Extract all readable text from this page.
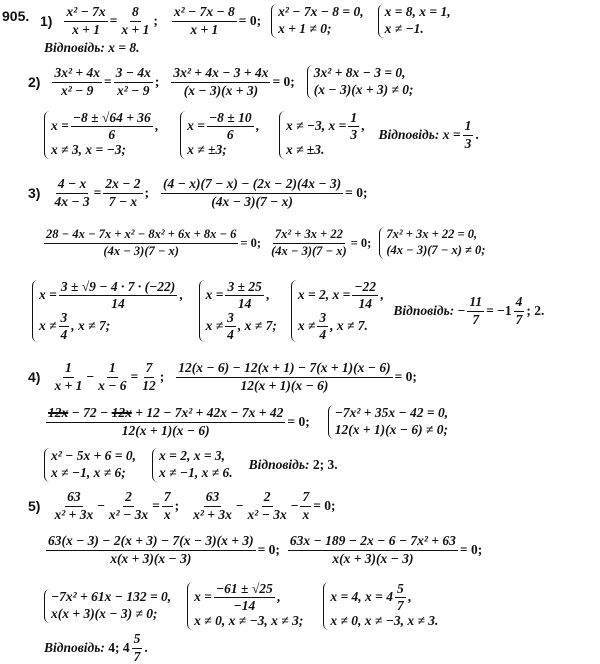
905. $1) \frac{\text{x² − 7x}}{x + 1} = \frac{8}{x + 1}$ ; $\frac{\text{x² − 7x − 8}}{x + 1} = 0$;
x² − 7x − 8 = 0,
x + 1 ≠ 0;
x = 8, x = 1,
x ≠ −1.
Відповідь:
x = 8.
$2) \frac{\text{3x² + 4x}}{\text{x² − 9}} = \frac{3 - 4x}{\text{x² − 9}}$ ; $\frac{\text{3x² + 4x − 3 + 4x}}{(x - 3)(x + 3)} = 0$;
3x² + 8x − 3 = 0,
(x − 3)(x + 3) ≠ 0;
$x = \frac{-8 \pm √64 + 36}{6}$ ,
x ≠ 3, x = −3;
$x = \frac{-8 \pm 10}{6}$ ,
x ≠ ±3;
x ≠ −3, $x = \frac{1}{3}$ ,
x ≠ ±3.
Відповідь:
$x = \frac{1}{3}$ .
$3) \frac{4 - x}{4x - 3} = \frac{2x - 2}{7 - x}$ ; $\frac{(4 - x)(7 - x) - (2x - 2)(4x - 3)}{(4x - 3)(7 - x)} = 0$;
$\frac{\text{28 − 4x − 7x + x² − 8x² + 6x + 8x − 6}}{(4x - 3)(7 - x)} = 0$; $\frac{\text{7x² + 3x + 22}}{(4x - 3)(7 - x)} = 0$;
7x² + 3x + 22 = 0,
(4x − 3)(7 − x) ≠ 0;
$x = \frac{3 \pm √9 - 4 \cdot 7 \cdot (-22)}{14}$ ,
$x \ne \frac{3}{4}$ , x ≠ 7;
$x = \frac{3 \pm 25}{14}$ ,
$x \ne \frac{3}{4}$ , x ≠ 7;
x = 2, $x = \frac{-22}{14}$ ,
$x \ne \frac{3}{4}$ , x ≠ 7.
Відповідь:
− $\frac{11}{7} = -1 \frac{4}{7}$ ; 2.
$4) \frac{1}{x + 1} - \frac{1}{x - 6} = \frac{7}{12}$ ; $\frac{12(x - 6) - 12(x + 1) - 7(x + 1)(x - 6)}{12(x + 1)(x - 6)} = 0$;
$\frac{\text{12x − 72 − 12x + 12 − 7x² + 42x − 7x + 42}}{12(x + 1)(x - 6)} = 0$;
−7x² + 35x − 42 = 0,
12(x + 1)(x − 6) ≠ 0;
x² − 5x + 6 = 0,
x ≠ −1, x ≠ 6;
x = 2, x = 3,
x ≠ −1, x ≠ 6.
Відповідь:
2; 3.
$5) \frac{63}{\text{x² + 3x}} - \frac{2}{\text{x² − 3x}} = \frac{7}{x}$ ; $\frac{63}{\text{x² + 3x}} - \frac{2}{\text{x² − 3x}} - \frac{7}{x} = 0$;
$\frac{63(x - 3) - 2(x + 3) - 7(x - 3)(x + 3)}{x(x + 3)(x - 3)} = 0$; $\frac{\text{63x − 189 − 2x − 6 − 7x² + 63}}{x(x + 3)(x - 3)} = 0$;
−7x² + 61x − 132 = 0,
x(x + 3)(x − 3) ≠ 0;
$x = \frac{-61 \pm √25}{-14}$ ,
x ≠ 0, x ≠ −3, x ≠ 3;
x = 4, $x = 4 \frac{5}{7}$ ,
x ≠ 0, x ≠ −3, x ≠ 3.
Відповідь:
4; $4 \frac{5}{7}$ .
